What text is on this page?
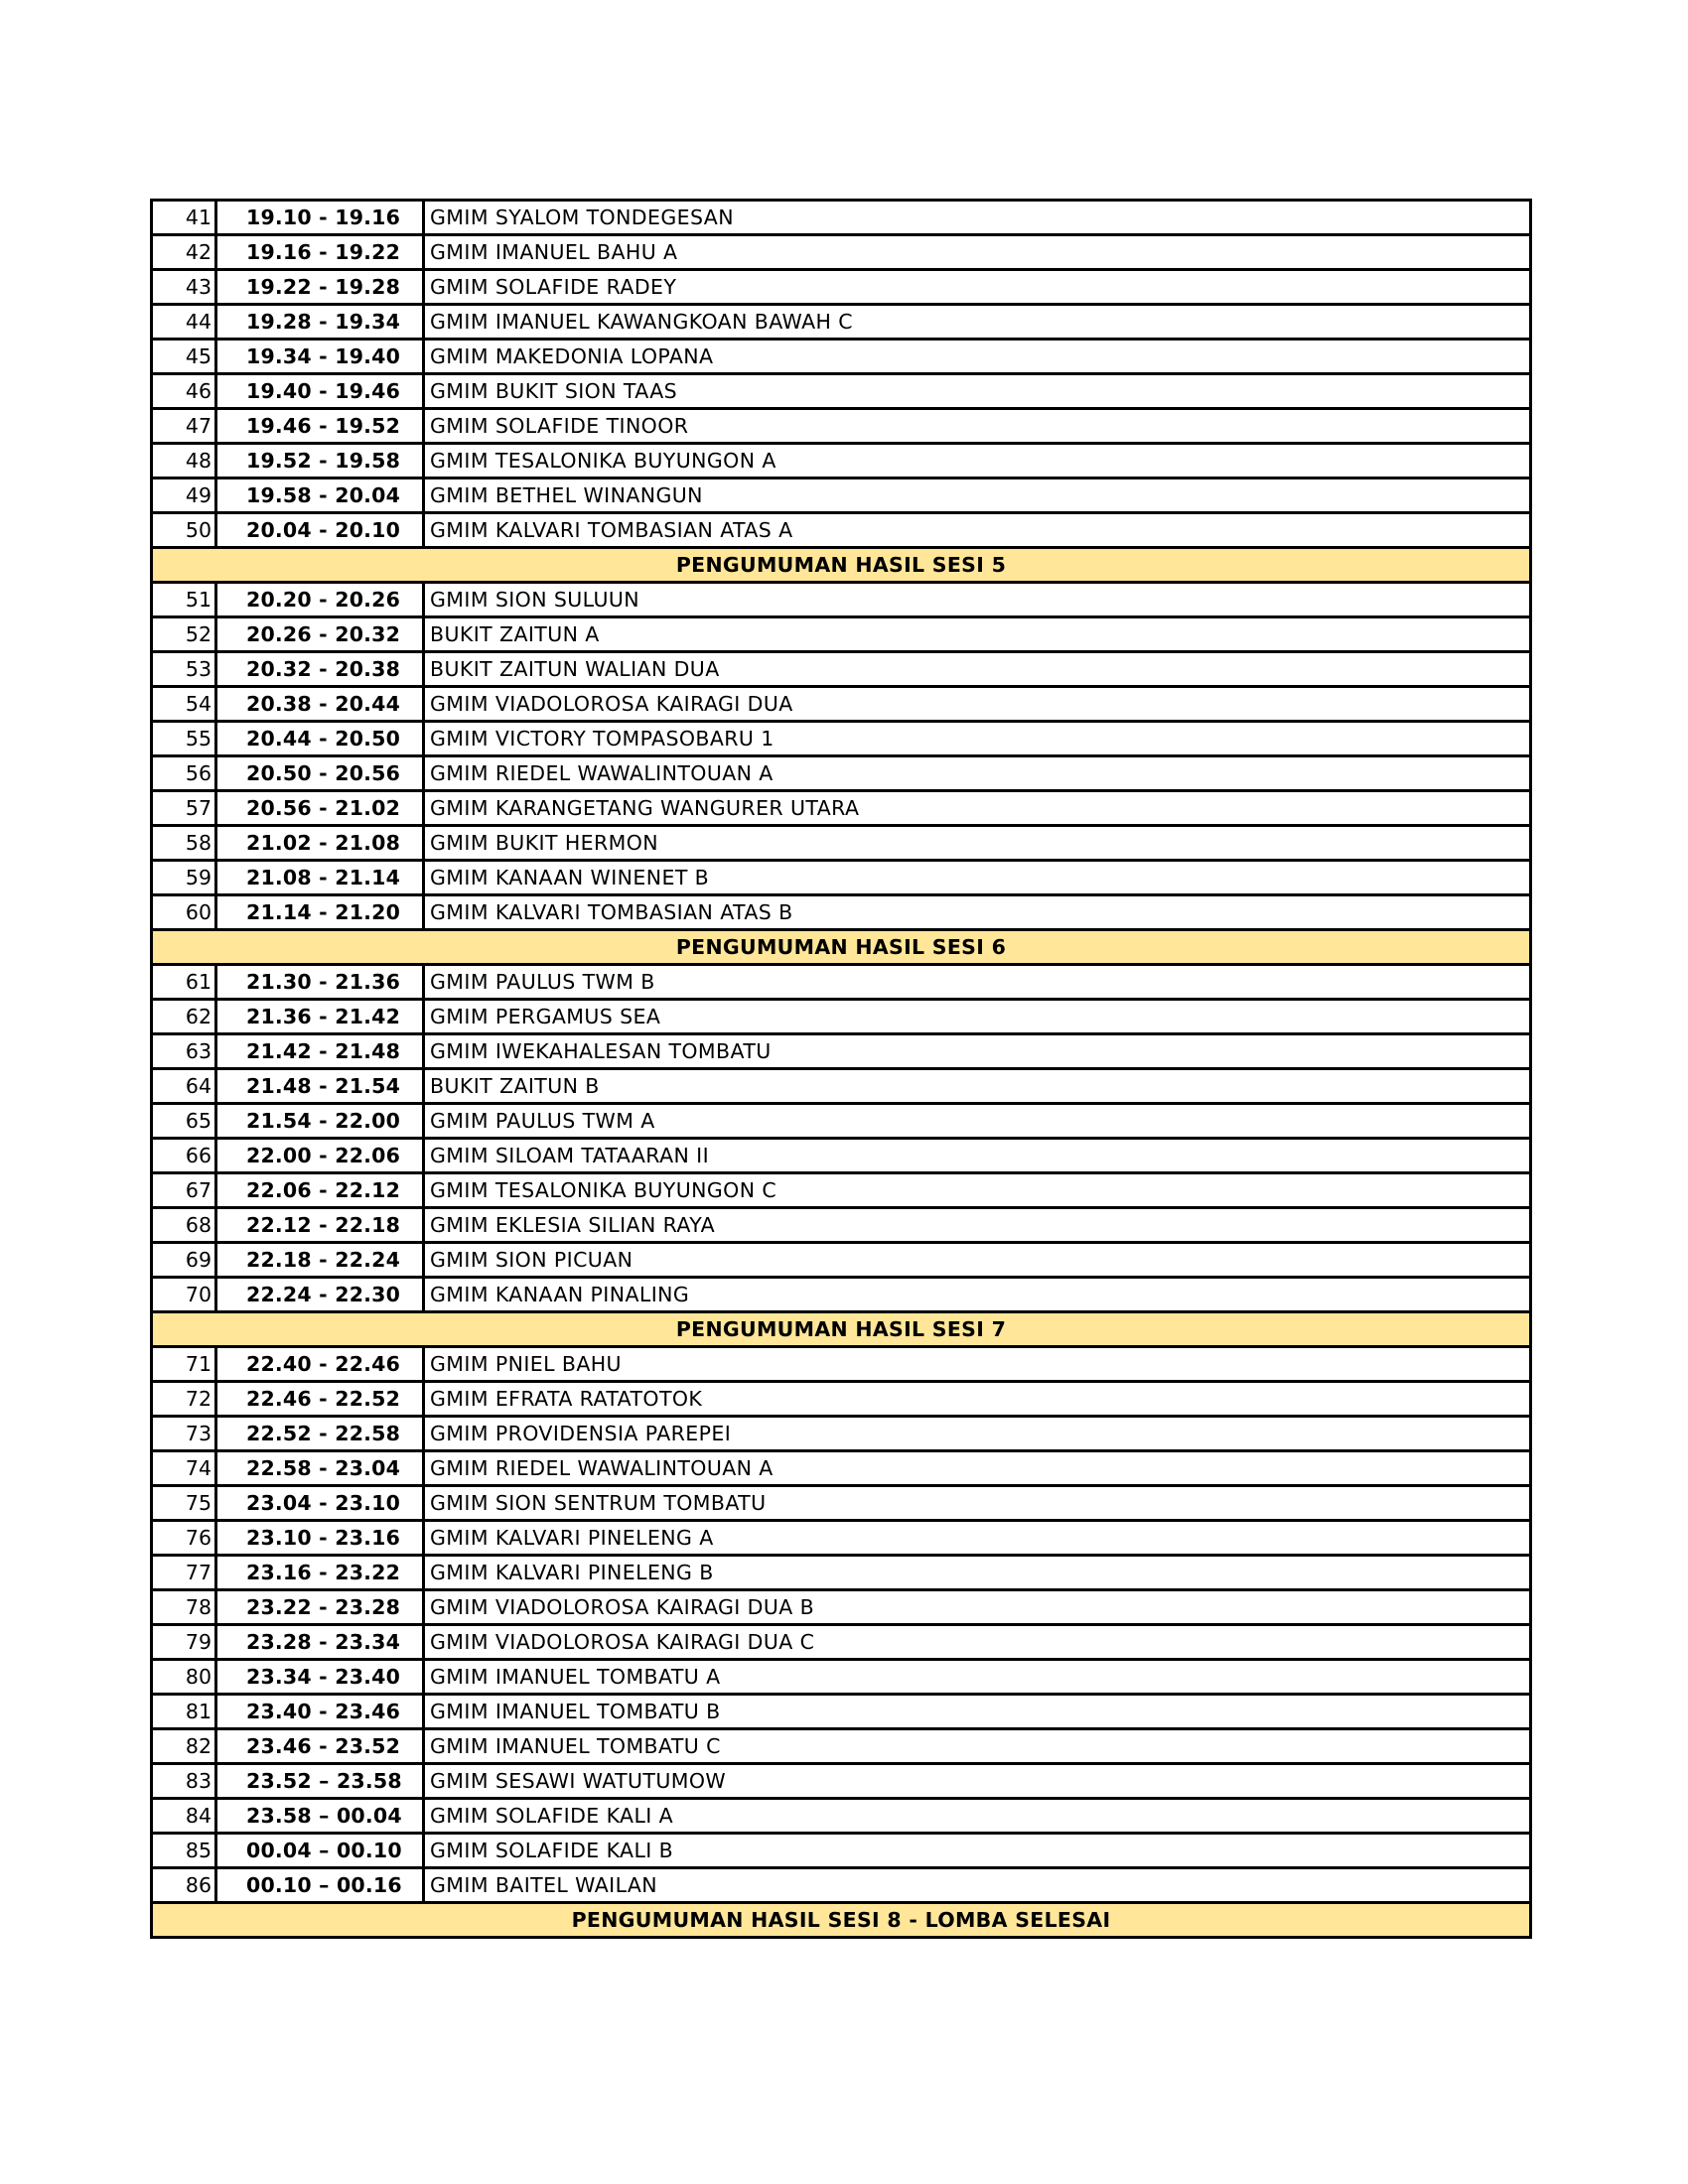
41	19.10 - 19.16	GMIM SYALOM TONDEGESAN
42	19.16 - 19.22	GMIM IMANUEL BAHU A
43	19.22 - 19.28	GMIM SOLAFIDE RADEY
44	19.28 - 19.34	GMIM IMANUEL KAWANGKOAN BAWAH C
45	19.34 - 19.40	GMIM MAKEDONIA LOPANA
46	19.40 - 19.46	GMIM BUKIT SION TAAS
47	19.46 - 19.52	GMIM SOLAFIDE TINOOR
48	19.52 - 19.58	GMIM TESALONIKA BUYUNGON A
49	19.58 - 20.04	GMIM BETHEL WINANGUN
50	20.04 - 20.10	GMIM KALVARI TOMBASIAN ATAS A
PENGUMUMAN HASIL SESI 5		
51	20.20 - 20.26	GMIM SION SULUUN
52	20.26 - 20.32	BUKIT ZAITUN A
53	20.32 - 20.38	BUKIT ZAITUN WALIAN DUA
54	20.38 - 20.44	GMIM VIADOLOROSA KAIRAGI DUA
55	20.44 - 20.50	GMIM VICTORY TOMPASOBARU 1
56	20.50 - 20.56	GMIM RIEDEL WAWALINTOUAN A
57	20.56 - 21.02	GMIM KARANGETANG WANGURER UTARA
58	21.02 - 21.08	GMIM BUKIT HERMON
59	21.08 - 21.14	GMIM KANAAN WINENET B
60	21.14 - 21.20	GMIM KALVARI TOMBASIAN ATAS B
PENGUMUMAN HASIL SESI 6		
61	21.30 - 21.36	GMIM PAULUS TWM B
62	21.36 - 21.42	GMIM PERGAMUS SEA
63	21.42 - 21.48	GMIM IWEKAHALESAN TOMBATU
64	21.48 - 21.54	BUKIT ZAITUN B
65	21.54 - 22.00	GMIM PAULUS TWM A
66	22.00 - 22.06	GMIM SILOAM TATAARAN II
67	22.06 - 22.12	GMIM TESALONIKA BUYUNGON C
68	22.12 - 22.18	GMIM EKLESIA SILIAN RAYA
69	22.18 - 22.24	GMIM SION PICUAN
70	22.24 - 22.30	GMIM KANAAN PINALING
PENGUMUMAN HASIL SESI 7		
71	22.40 - 22.46	GMIM PNIEL BAHU
72	22.46 - 22.52	GMIM EFRATA RATATOTOK
73	22.52 - 22.58	GMIM PROVIDENSIA PAREPEI
74	22.58 - 23.04	GMIM RIEDEL WAWALINTOUAN A
75	23.04 - 23.10	GMIM SION SENTRUM TOMBATU
76	23.10 - 23.16	GMIM KALVARI PINELENG A
77	23.16 - 23.22	GMIM KALVARI PINELENG B
78	23.22 - 23.28	GMIM VIADOLOROSA KAIRAGI DUA B
79	23.28 - 23.34	GMIM VIADOLOROSA KAIRAGI DUA C
80	23.34 - 23.40	GMIM IMANUEL TOMBATU A
81	23.40 - 23.46	GMIM IMANUEL TOMBATU B
82	23.46 - 23.52	GMIM IMANUEL TOMBATU C
83	23.52 – 23.58	GMIM SESAWI WATUTUMOW
84	23.58 – 00.04	GMIM SOLAFIDE KALI A
85	00.04 – 00.10	GMIM SOLAFIDE KALI B
86	00.10 – 00.16	GMIM BAITEL WAILAN
PENGUMUMAN HASIL SESI 8 - LOMBA SELESAI		
